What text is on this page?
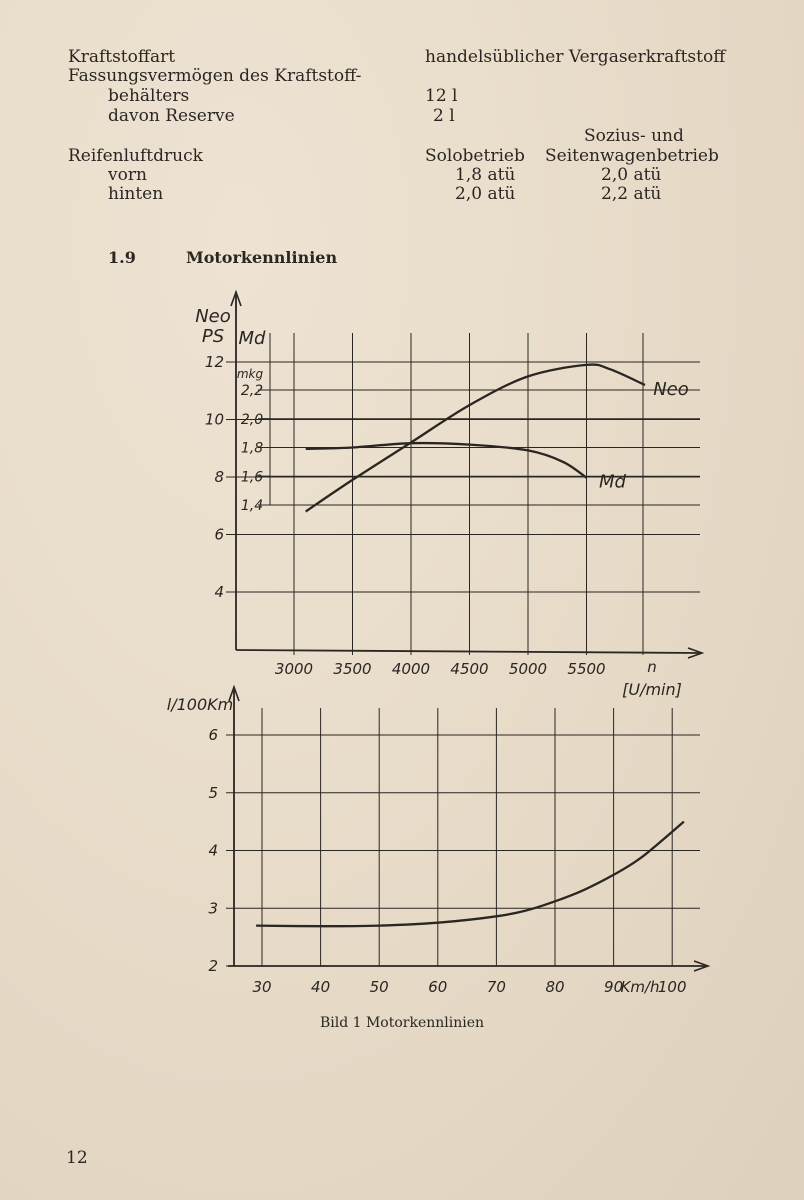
Kraftstoffart	handelsüblicher Vergaserkraftstoff
Fassungsvermögen des Kraftstoff-
behälters	12 l
davon Reserve	2 l
Sozius- und
Reifenluftdruck	Solobetrieb Seitenwagenbetrieb
vorn	1,8 atü	2,0 atü
hinten	2,0 atü	2,2 atü
1.9	Motorkennlinien
4
6
8
10
12
1,4
1,6
1,8
2,0
2,2
3000 3500 4000 4500 5000 5500
Neo
PS Md
mkg
n
[U/min]
Neo
Md
2
3
4
5
6
30	40	50	60	70	80	90 100
Km/h
l/100Km
Bild 1 Motorkennlinien
12
